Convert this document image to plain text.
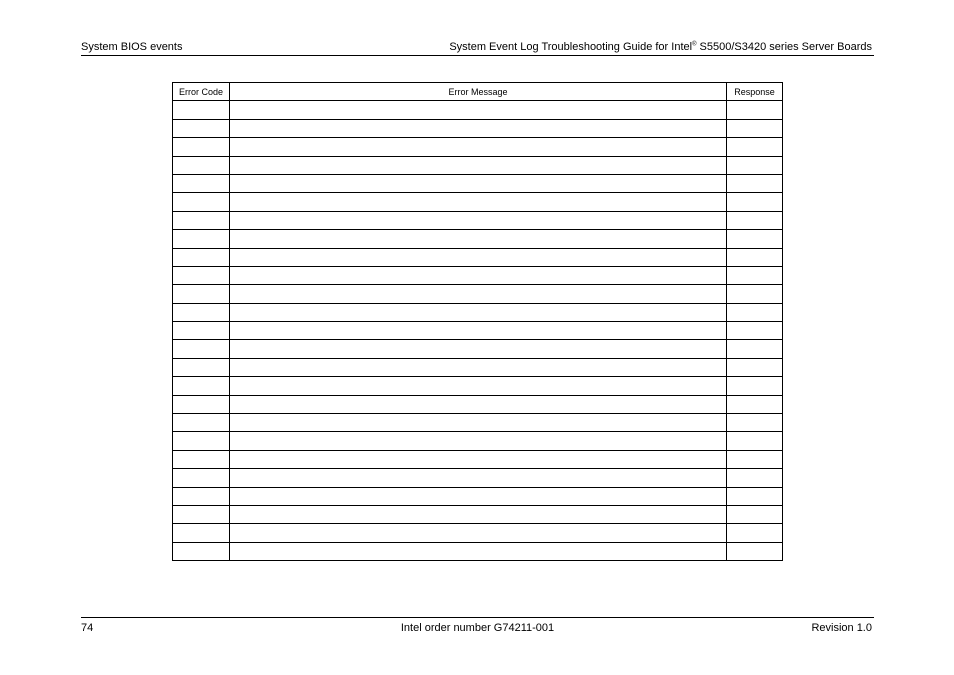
System BIOS events	System Event Log Troubleshooting Guide for Intel® S5500/S3420 series Server Boards
Error Code	Error Message	Response

74	Intel order number G74211-001	Revision 1.0
